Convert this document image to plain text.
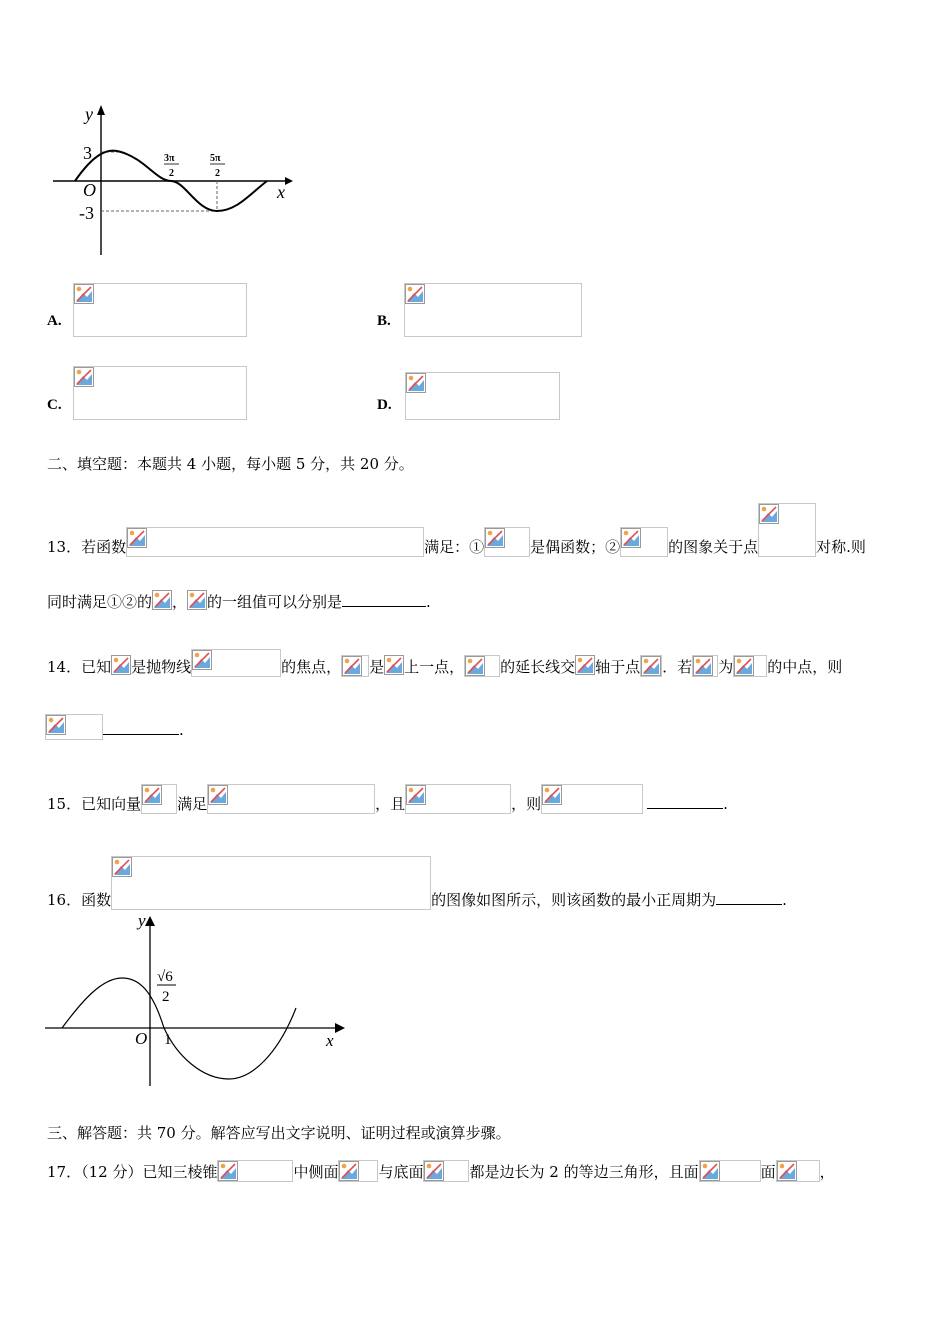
y
x
O
3
-3
3π
2
5π
2
A.	B.
C.	D.
二、填空题：本题共 4 小题，每小题 5 分，共 20 分。
13．若函数	满足：①	是偶函数；②	的图象关于点	对称.则
同时满足①②的 ， 的一组值可以分别是	.
14．已知 是抛物线	的焦点， 是 上一点， 的延长线交 轴于点 ．若 为 的中点，则
.
15．已知向量 满足	，且	，则	.
16．函数	的图像如图所示，则该函数的最小正周期为	.
y
x
O 1
√6
2
三、解答题：共 70 分。解答应写出文字说明、证明过程或演算步骤。
17．（12 分）已知三棱锥	中侧面	与底面	都是边长为 2 的等边三角形，且面	面	，
